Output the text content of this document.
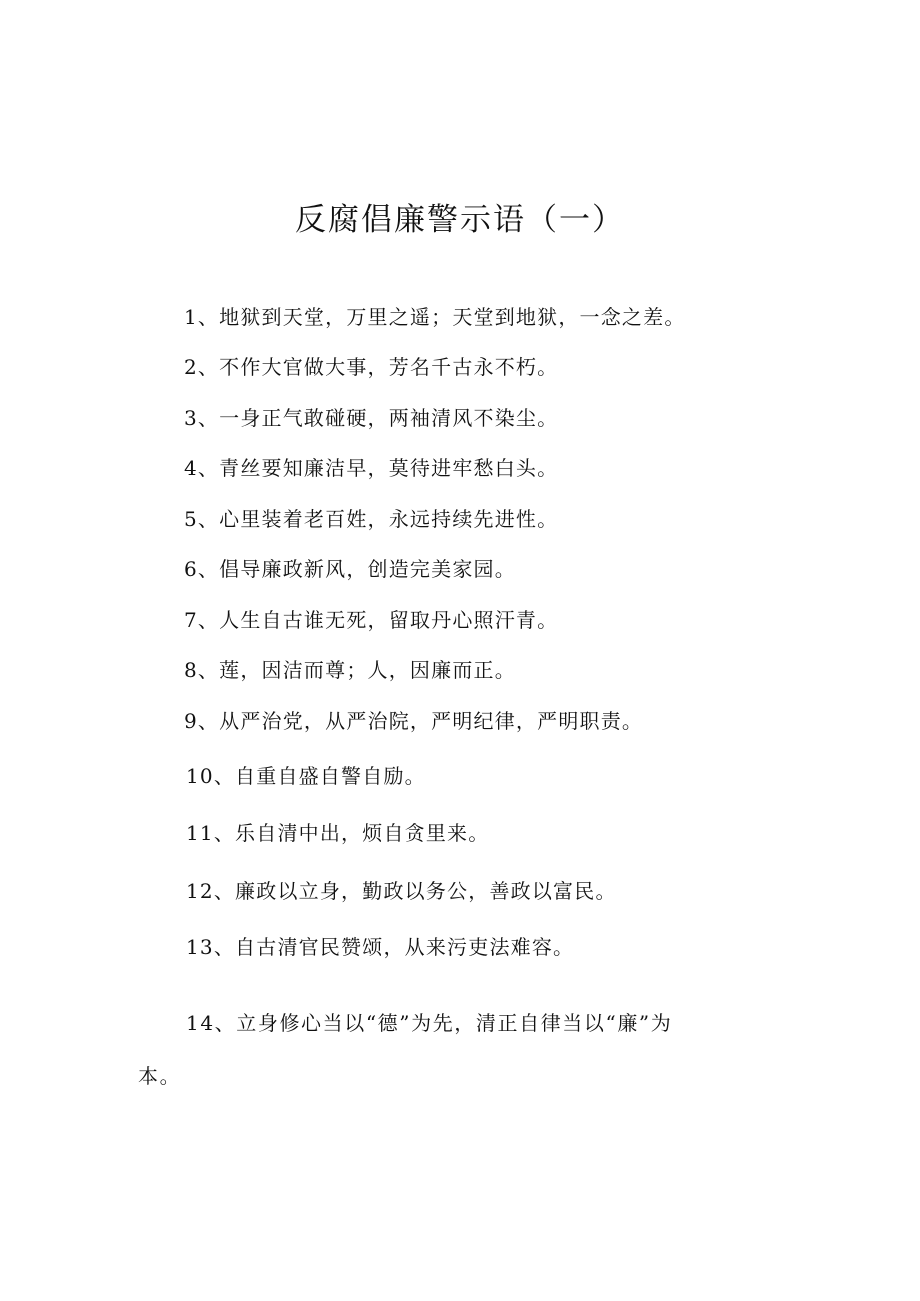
反腐倡廉警示语（一）

1、地狱到天堂，万里之遥；天堂到地狱，一念之差。

2、不作大官做大事，芳名千古永不朽。

3、一身正气敢碰硬，两袖清风不染尘。

4、青丝要知廉洁早，莫待进牢愁白头。

5、心里装着老百姓，永远持续先进性。

6、倡导廉政新风，创造完美家园。

7、人生自古谁无死，留取丹心照汗青。

8、莲，因洁而尊；人，因廉而正。

9、从严治党，从严治院，严明纪律，严明职责。

10、自重自盛自警自励。

11、乐自清中出，烦自贪里来。

12、廉政以立身，勤政以务公，善政以富民。

13、自古清官民赞颂，从来污吏法难容。

14、立身修心当以“德”为先，清正自律当以“廉”为

本。
